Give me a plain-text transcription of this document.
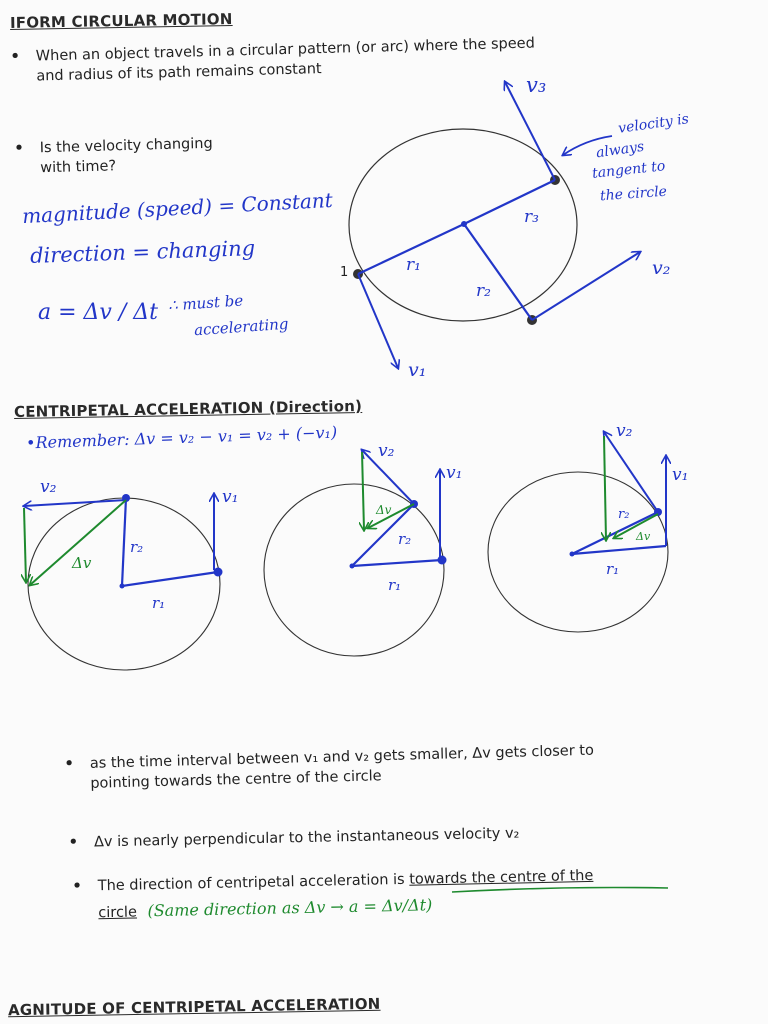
IFORM CIRCULAR MOTION
• When an object travels in a circular pattern (or arc) where the speed
and radius of its path remains constant
• Is the velocity changing
with time?
magnitude (speed) = Constant
direction = changing
a = Δv / Δt ∴ must be
accelerating
velocity is
always
tangent to
the circle
CENTRIPETAL ACCELERATION (Direction)
•Remember: Δv = v₂ − v₁ = v₂ + (−v₁)
1	r₁
r₂
r₃
v₁
v₂
v₃
v₁
v₂
r₁
r₂
Δv
v₁
v₂
r₁
r₂
Δv
v₁
v₂
r₁
r₂
Δv
• as the time interval between v₁ and v₂ gets smaller, Δv gets closer to
pointing towards the centre of the circle
• Δv is nearly perpendicular to the instantaneous velocity v₂
• The direction of centripetal acceleration is towards the centre of the
circle (Same direction as Δv → a = Δv/Δt)
AGNITUDE OF CENTRIPETAL ACCELERATION
